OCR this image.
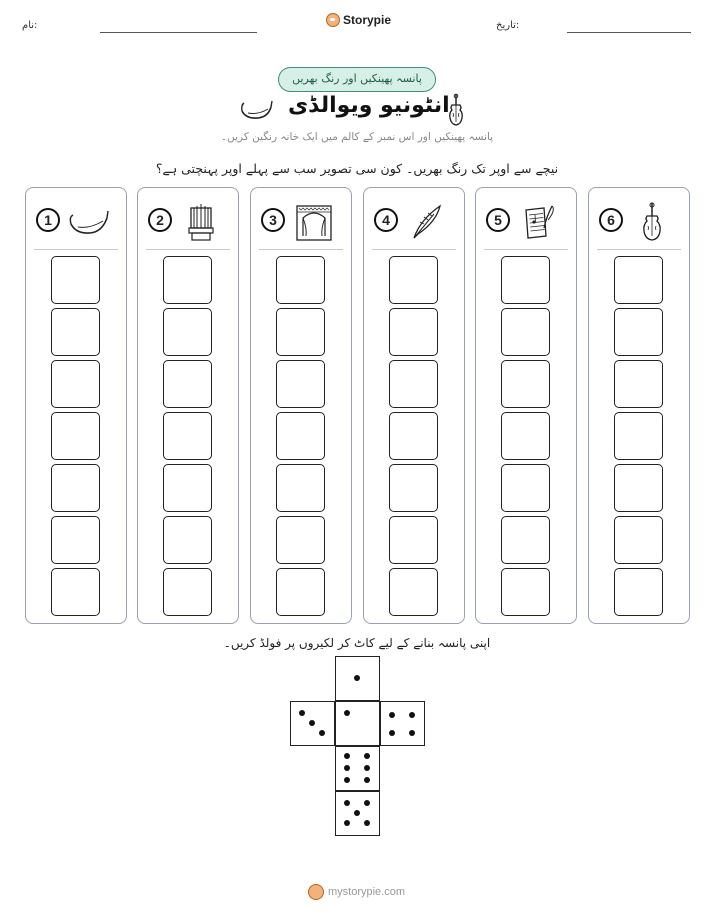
نام:	Storypie	تاریخ:
پانسہ پھینکیں اور رنگ بھریں
انٹونیو ویوالڈی
پانسہ پھینکیں اور اس نمبر کے کالم میں ایک خانہ رنگین کریں۔
نیچے سے اوپر تک رنگ بھریں۔ کون سی تصویر سب سے پہلے اوپر پہنچتی ہے؟
1	2	3	4	5	6
اپنی پانسہ بنانے کے لیے کاٹ کر لکیروں پر فولڈ کریں۔
mystorypie.com
